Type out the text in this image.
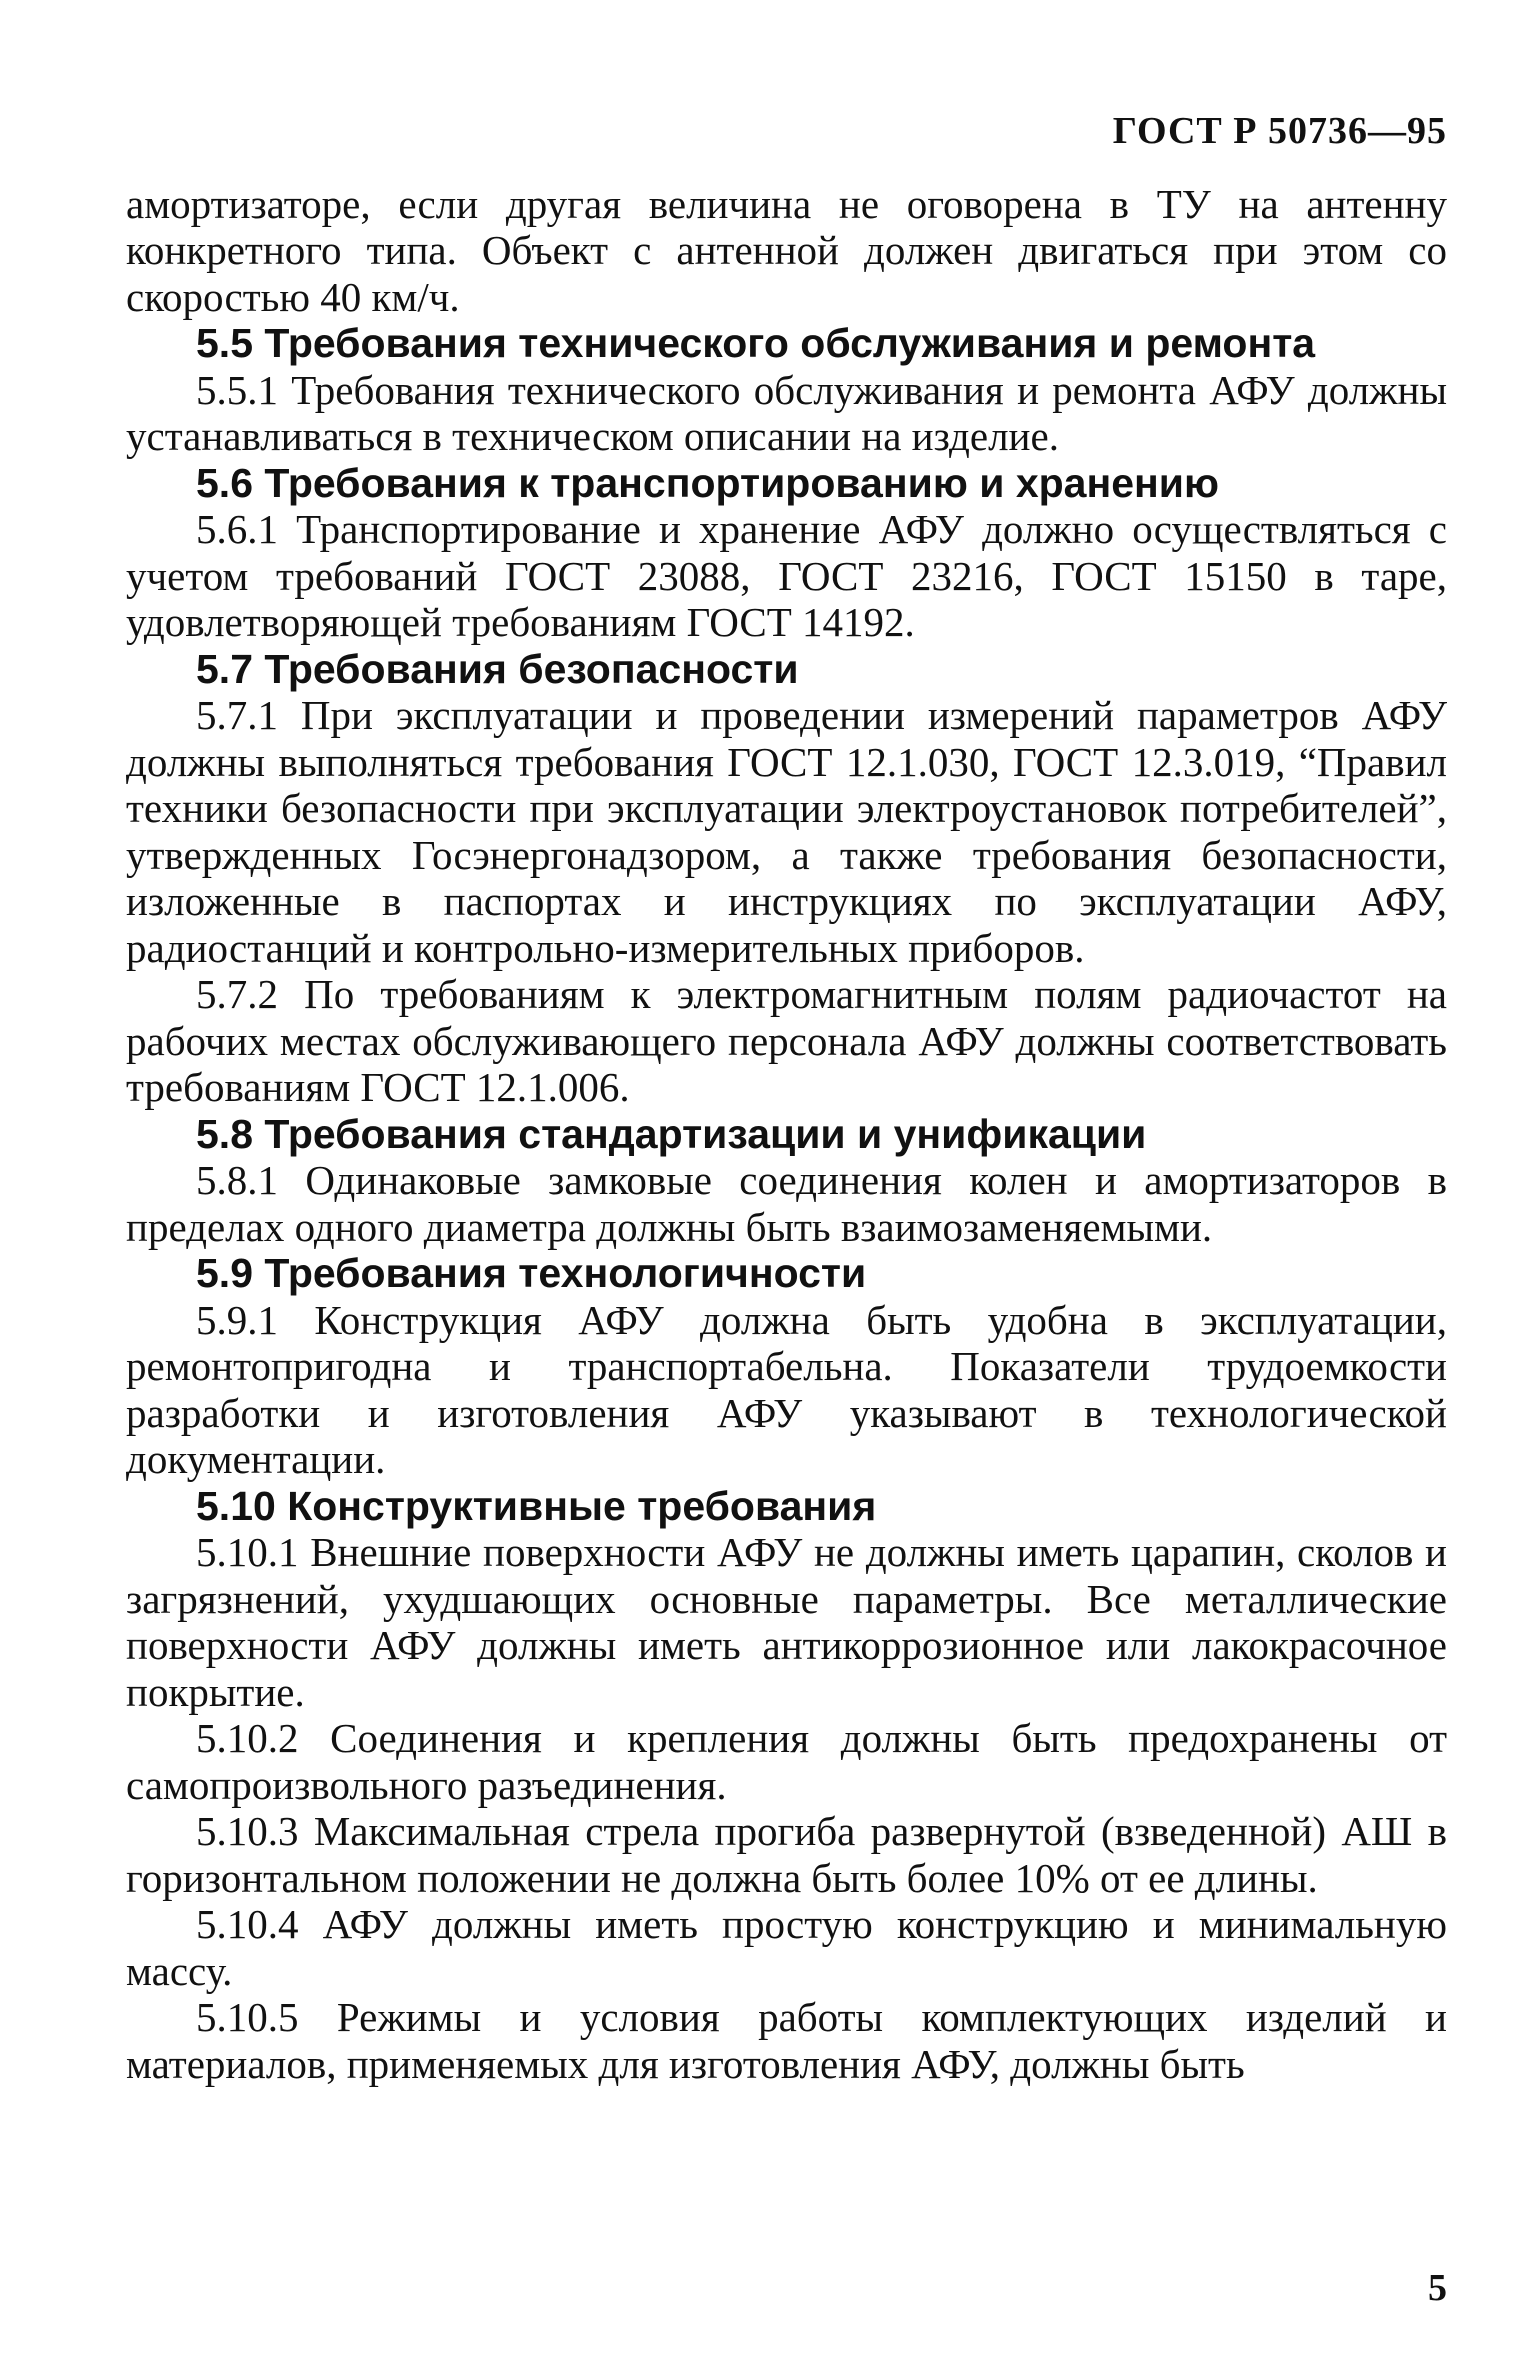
ГОСТ Р 50736—95

амортизаторе, если другая величина не оговорена в ТУ на антенну конкретного типа. Объект с антенной должен двигаться при этом со скоростью 40 км/ч.

5.5 Требования технического обслуживания и ремонта

5.5.1 Требования технического обслуживания и ремонта АФУ должны устанавливаться в техническом описании на изделие.

5.6 Требования к транспортированию и хранению

5.6.1 Транспортирование и хранение АФУ должно осуществляться с учетом требований ГОСТ 23088, ГОСТ 23216, ГОСТ 15150 в таре, удовлетворяющей требованиям ГОСТ 14192.

5.7 Требования безопасности

5.7.1 При эксплуатации и проведении измерений параметров АФУ должны выполняться требования ГОСТ 12.1.030, ГОСТ 12.3.019, “Правил техники безопасности при эксплуатации электроустановок потребителей”, утвержденных Госэнергонадзором, а также требования безопасности, изложенные в паспортах и инструкциях по эксплуатации АФУ, радиостанций и контрольно-измерительных приборов.

5.7.2 По требованиям к электромагнитным полям радиочастот на рабочих местах обслуживающего персонала АФУ должны соответствовать требованиям ГОСТ 12.1.006.

5.8 Требования стандартизации и унификации

5.8.1 Одинаковые замковые соединения колен и амортизаторов в пределах одного диаметра должны быть взаимозаменяемыми.

5.9 Требования технологичности

5.9.1 Конструкция АФУ должна быть удобна в эксплуатации, ремонтопригодна и транспортабельна. Показатели трудоемкости разработки и изготовления АФУ указывают в технологической документации.

5.10 Конструктивные требования

5.10.1 Внешние поверхности АФУ не должны иметь царапин, сколов и загрязнений, ухудшающих основные параметры. Все металлические поверхности АФУ должны иметь антикоррозионное или лакокрасочное покрытие.

5.10.2 Соединения и крепления должны быть предохранены от самопроизвольного разъединения.

5.10.3 Максимальная стрела прогиба развернутой (взведенной) АШ в горизонтальном положении не должна быть более 10% от ее длины.

5.10.4 АФУ должны иметь простую конструкцию и минимальную массу.

5.10.5 Режимы и условия работы комплектующих изделий и материалов, применяемых для изготовления АФУ, должны быть

5
